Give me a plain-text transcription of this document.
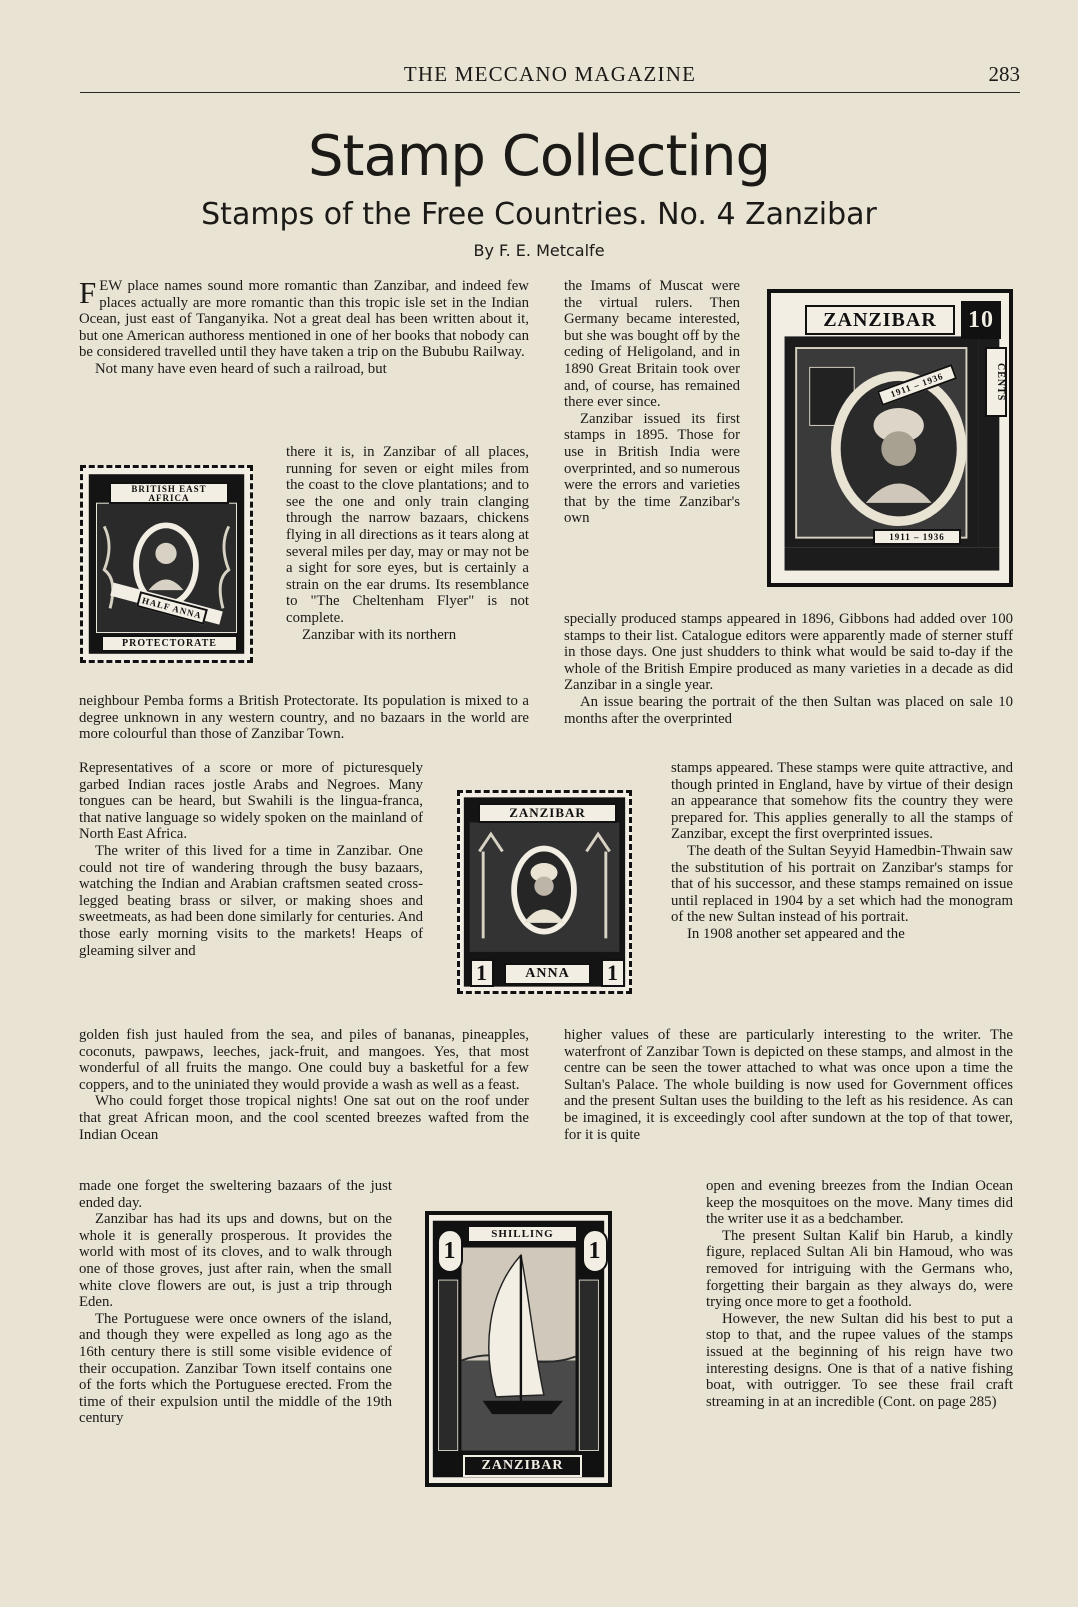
THE MECCANO MAGAZINE	283
Stamp Collecting
Stamps of the Free Countries. No. 4 Zanzibar
By F. E. Metcalfe

FEW place names sound more romantic than Zanzibar, and indeed few places actually are more romantic than this tropic isle set in the Indian Ocean, just east of Tanganyika. Not a great deal has been written about it, but one American authoress mentioned in one of her books that nobody can be considered travelled until they have taken a trip on the Bububu Railway.

Not many have even heard of such a railroad, but

there it is, in Zanzibar of all places, running for seven or eight miles from the coast to the clove plantations; and to see the one and only train clanging through the narrow bazaars, chickens flying in all directions as it tears along at several miles per day, may or may not be a sight for sore eyes, but is certainly a strain on the ear drums. Its resemblance to "The Cheltenham Flyer" is not complete.

Zanzibar with its northern

neighbour Pemba forms a British Protectorate. Its population is mixed to a degree unknown in any western country, and no bazaars in the world are more colourful than those of Zanzibar Town.

Representatives of a score or more of picturesquely garbed Indian races jostle Arabs and Negroes. Many tongues can be heard, but Swahili is the lingua-franca, that native language so widely spoken on the mainland of North East Africa.

The writer of this lived for a time in Zanzibar. One could not tire of wandering through the busy bazaars, watching the Indian and Arabian craftsmen seated cross-legged beating brass or silver, or making shoes and sweetmeats, as had been done similarly for centuries. And those early morning visits to the markets! Heaps of gleaming silver and

golden fish just hauled from the sea, and piles of bananas, pineapples, coconuts, pawpaws, leeches, jack-fruit, and mangoes. Yes, that most wonderful of all fruits the mango. One could buy a basketful for a few coppers, and to the uniniated they would provide a wash as well as a feast.

Who could forget those tropical nights! One sat out on the roof under that great African moon, and the cool scented breezes wafted from the Indian Ocean

made one forget the sweltering bazaars of the just ended day.

Zanzibar has had its ups and downs, but on the whole it is generally prosperous. It provides the world with most of its cloves, and to walk through one of those groves, just after rain, when the small white clove flowers are out, is just a trip through Eden.

The Portuguese were once owners of the island, and though they were expelled as long ago as the 16th century there is still some visible evidence of their occupation. Zanzibar Town itself contains one of the forts which the Portuguese erected. From the time of their expulsion until the middle of the 19th century

the Imams of Muscat were the virtual rulers. Then Germany became interested, but she was bought off by the ceding of Heligoland, and in 1890 Great Britain took over and, of course, has remained there ever since.

Zanzibar issued its first stamps in 1895. Those for use in British India were overprinted, and so numerous were the errors and varieties that by the time Zanzibar's own

specially produced stamps appeared in 1896, Gibbons had added over 100 stamps to their list. Catalogue editors were apparently made of sterner stuff in those days. One just shudders to think what would be said to-day if the whole of the British Empire produced as many varieties in a decade as did Zanzibar in a single year.

An issue bearing the portrait of the then Sultan was placed on sale 10 months after the overprinted

stamps appeared. These stamps were quite attractive, and though printed in England, have by virtue of their design an appearance that somehow fits the country they were prepared for. This applies generally to all the stamps of Zanzibar, except the first overprinted issues.

The death of the Sultan Seyyid Hamedbin-Thwain saw the substitution of his portrait on Zanzibar's stamps for that of his successor, and these stamps remained on issue until replaced in 1904 by a set which had the monogram of the new Sultan instead of his portrait.

In 1908 another set appeared and the

higher values of these are particularly interesting to the writer. The waterfront of Zanzibar Town is depicted on these stamps, and almost in the centre can be seen the tower attached to what was once upon a time the Sultan's Palace. The whole building is now used for Government offices and the present Sultan uses the building to the left as his residence. As can be imagined, it is exceedingly cool after sundown at the top of that tower, for it is quite

open and evening breezes from the Indian Ocean keep the mosquitoes on the move. Many times did the writer use it as a bedchamber.

The present Sultan Kalif bin Harub, a kindly figure, replaced Sultan Ali bin Hamoud, who was removed for intriguing with the Germans who, forgetting their bargain as they always do, were trying once more to get a foothold.

However, the new Sultan did his best to put a stop to that, and the rupee values of the stamps issued at the beginning of his reign have two interesting designs. One is that of a native fishing boat, with outrigger. To see these frail craft streaming in at an incredible (Cont. on page 285)

BRITISH EAST AFRICA
HALF ANNA
PROTECTORATE
ZANZIBAR
1	1
ANNA
ZANZIBAR	10
CENTS
1911 – 1936
1911 – 1936
1	1
SHILLING
ZANZIBAR
